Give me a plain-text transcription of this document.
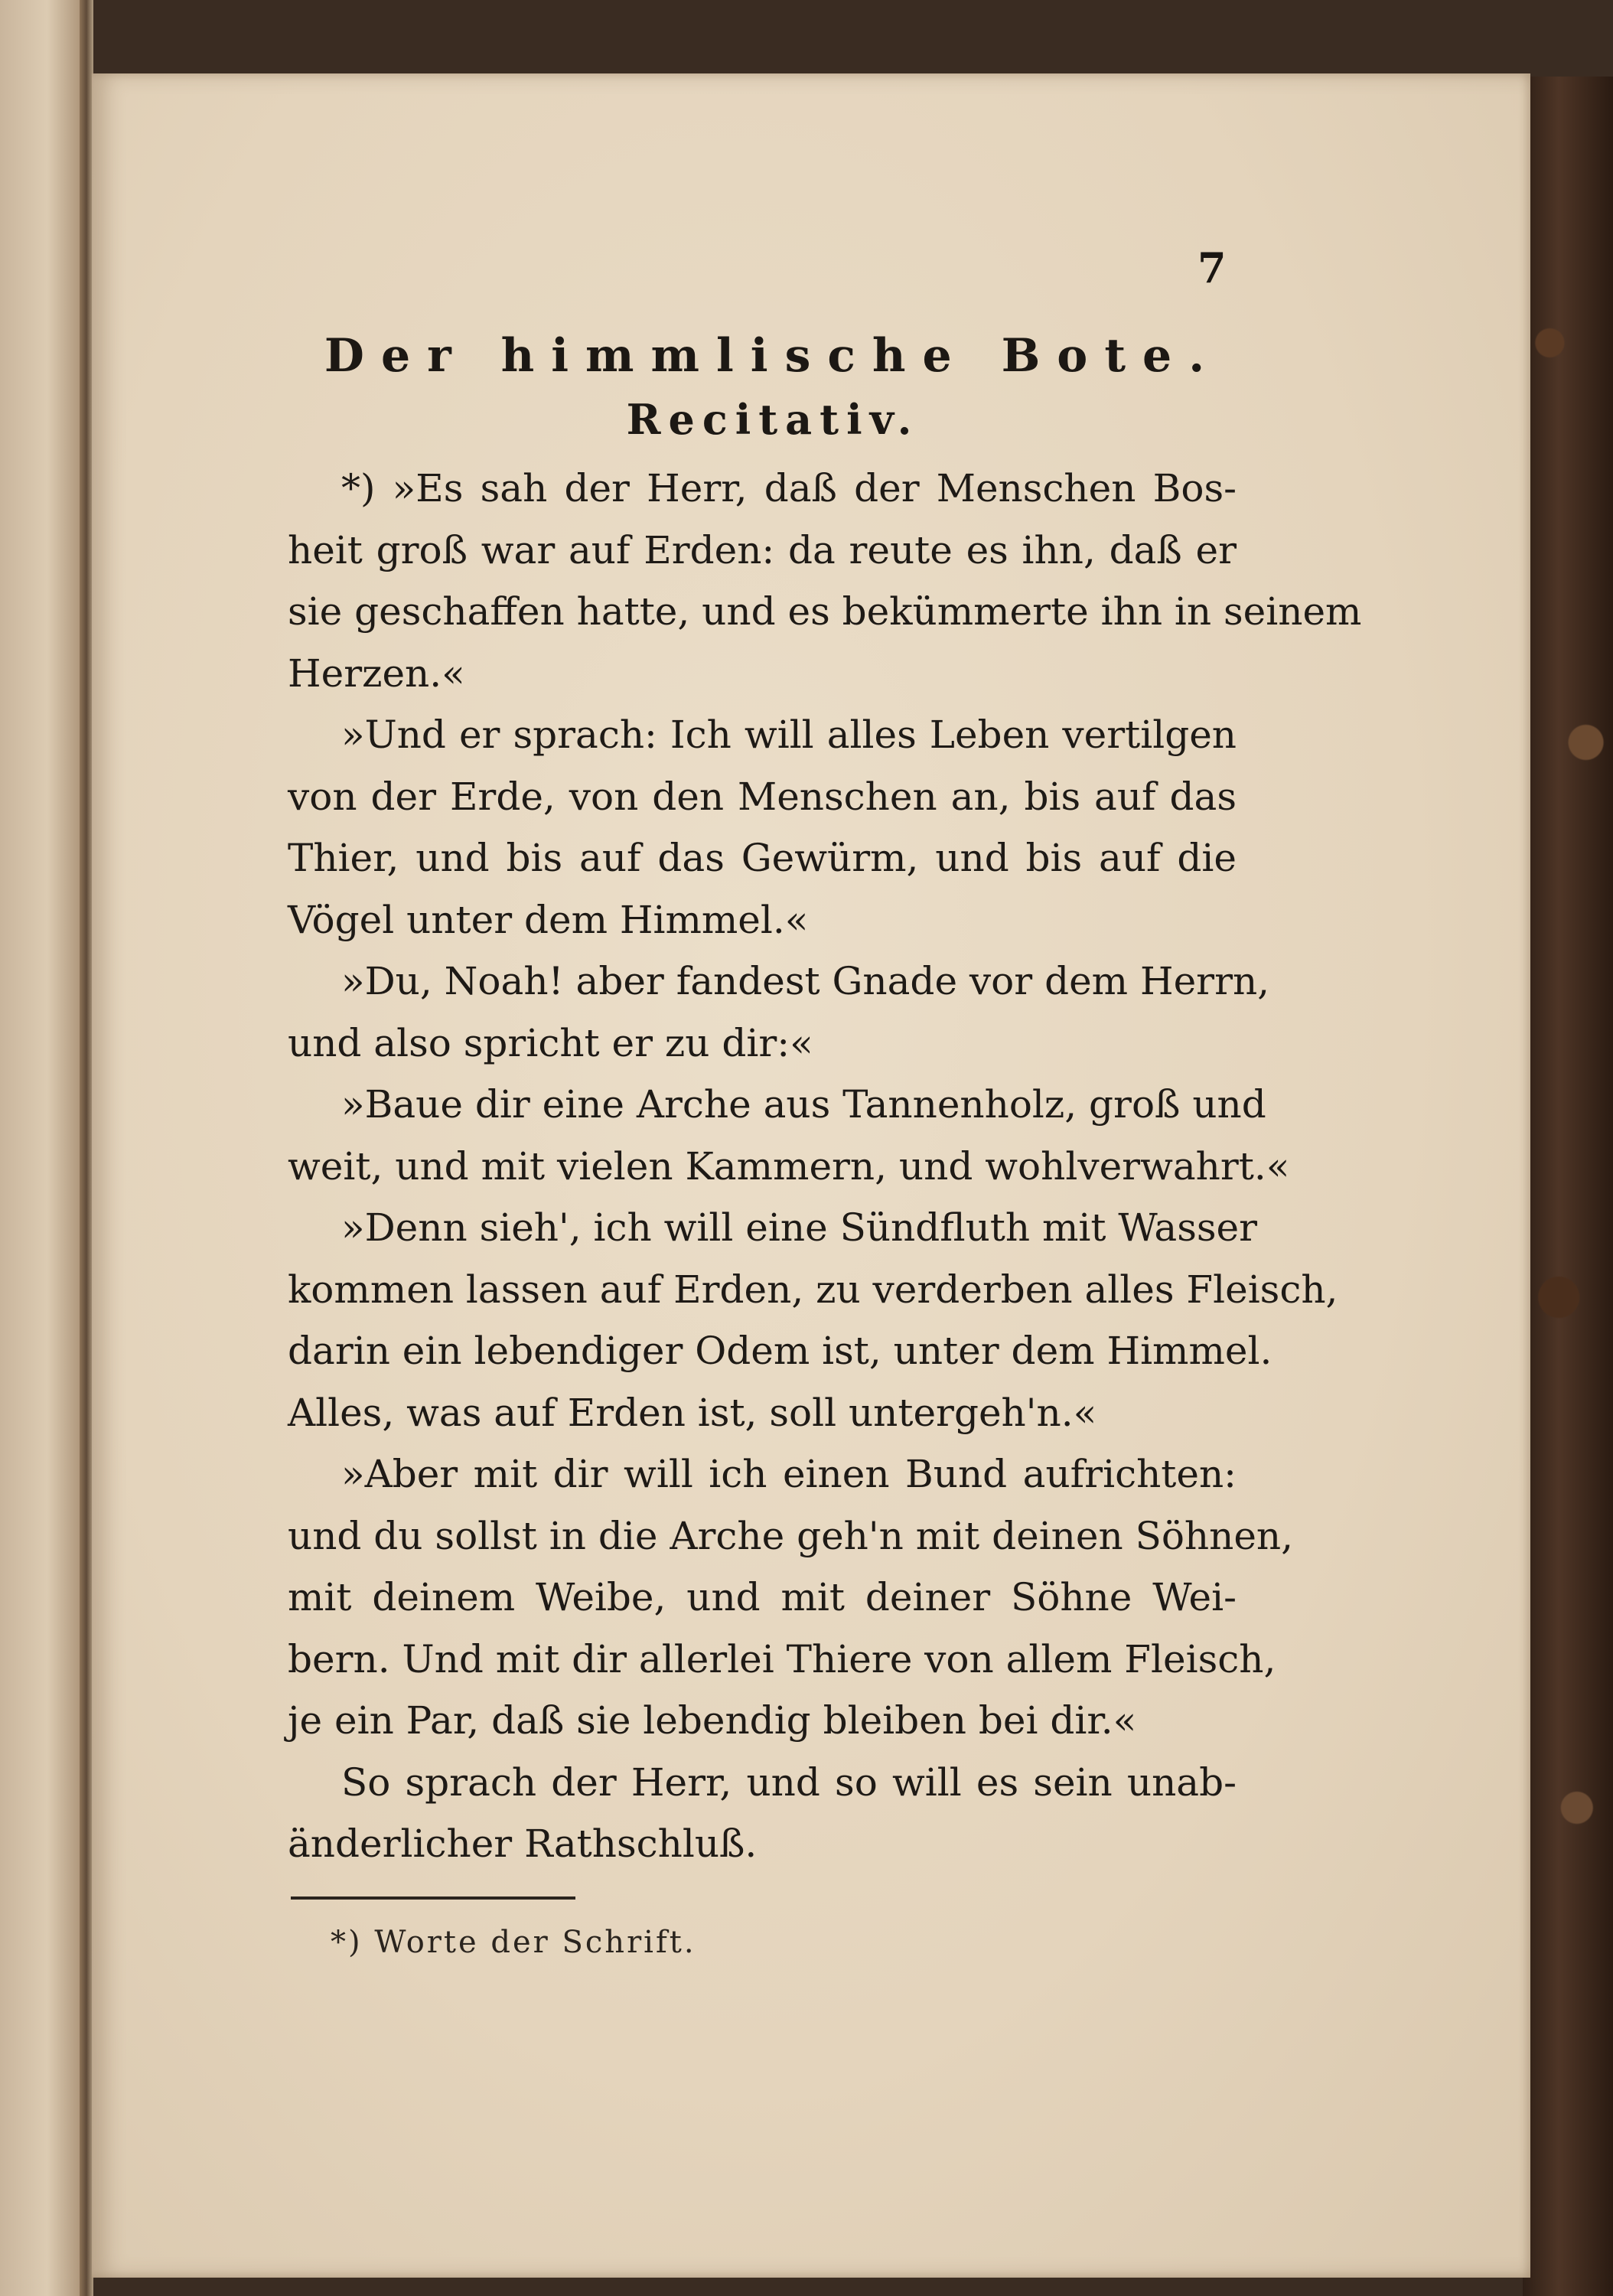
7
Der himmlische Bote.
Recitativ.
*) »Es sah der Herr, daß der Menschen Bos-
heit groß war auf Erden: da reute es ihn, daß er
sie geschaffen hatte, und es bekümmerte ihn in seinem
Herzen.«
»Und er sprach: Ich will alles Leben vertilgen
von der Erde, von den Menschen an, bis auf das
Thier, und bis auf das Gewürm, und bis auf die
Vögel unter dem Himmel.«
»Du, Noah! aber fandest Gnade vor dem Herrn,
und also spricht er zu dir:«
»Baue dir eine Arche aus Tannenholz, groß und
weit, und mit vielen Kammern, und wohlverwahrt.«
»Denn sieh', ich will eine Sündfluth mit Wasser
kommen lassen auf Erden, zu verderben alles Fleisch,
darin ein lebendiger Odem ist, unter dem Himmel.
Alles, was auf Erden ist, soll untergeh'n.«
»Aber mit dir will ich einen Bund aufrichten:
und du sollst in die Arche geh'n mit deinen Söhnen,
mit deinem Weibe, und mit deiner Söhne Wei-
bern. Und mit dir allerlei Thiere von allem Fleisch,
je ein Par, daß sie lebendig bleiben bei dir.«
So sprach der Herr, und so will es sein unab-
änderlicher Rathschluß.
*) Worte der Schrift.
